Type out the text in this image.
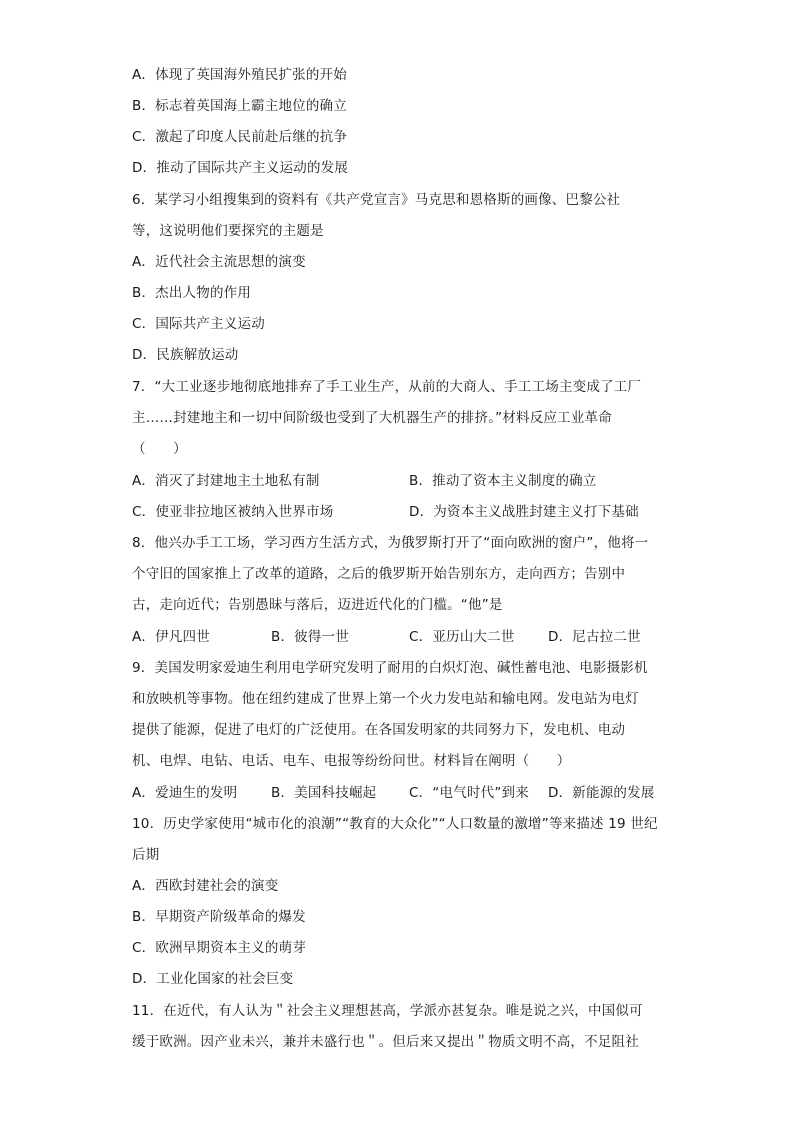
A．体现了英国海外殖民扩张的开始
B．标志着英国海上霸主地位的确立
C．激起了印度人民前赴后继的抗争
D．推动了国际共产主义运动的发展
6．某学习小组搜集到的资料有《共产党宣言》马克思和恩格斯的画像、巴黎公社
等，这说明他们要探究的主题是
A．近代社会主流思想的演变
B．杰出人物的作用
C．国际共产主义运动
D．民族解放运动
7．“大工业逐步地彻底地排弃了手工业生产，从前的大商人、手工工场主变成了工厂
主……封建地主和一切中间阶级也受到了大机器生产的排挤。”材料反应工业革命
（　　）
A．消灭了封建地主土地私有制	B．推动了资本主义制度的确立
C．使亚非拉地区被纳入世界市场	D．为资本主义战胜封建主义打下基础
8．他兴办手工工场，学习西方生活方式，为俄罗斯打开了“面向欧洲的窗户”，他将一
个守旧的国家推上了改革的道路，之后的俄罗斯开始告别东方，走向西方；告别中
古，走向近代；告别愚昧与落后，迈进近代化的门槛。“他”是
A．伊凡四世	B．彼得一世	C．亚历山大二世 D．尼古拉二世
9．美国发明家爱迪生利用电学研究发明了耐用的白炽灯泡、碱性蓄电池、电影摄影机
和放映机等事物。他在纽约建成了世界上第一个火力发电站和输电网。发电站为电灯
提供了能源，促进了电灯的广泛使用。在各国发明家的共同努力下，发电机、电动
机、电焊、电钻、电话、电车、电报等纷纷问世。材料旨在阐明（　　）
A．爱迪生的发明 B．美国科技崛起 C．“电气时代”到来 D．新能源的发展
10．历史学家使用“城市化的浪潮”“教育的大众化”“人口数量的激增”等来描述 19 世纪
后期
A．西欧封建社会的演变
B．早期资产阶级革命的爆发
C．欧洲早期资本主义的萌芽
D．工业化国家的社会巨变
11．在近代，有人认为＂社会主义理想甚高，学派亦甚复杂。唯是说之兴，中国似可
缓于欧洲。因产业未兴，兼并未盛行也＂。但后来又提出＂物质文明不高，不足阻社
